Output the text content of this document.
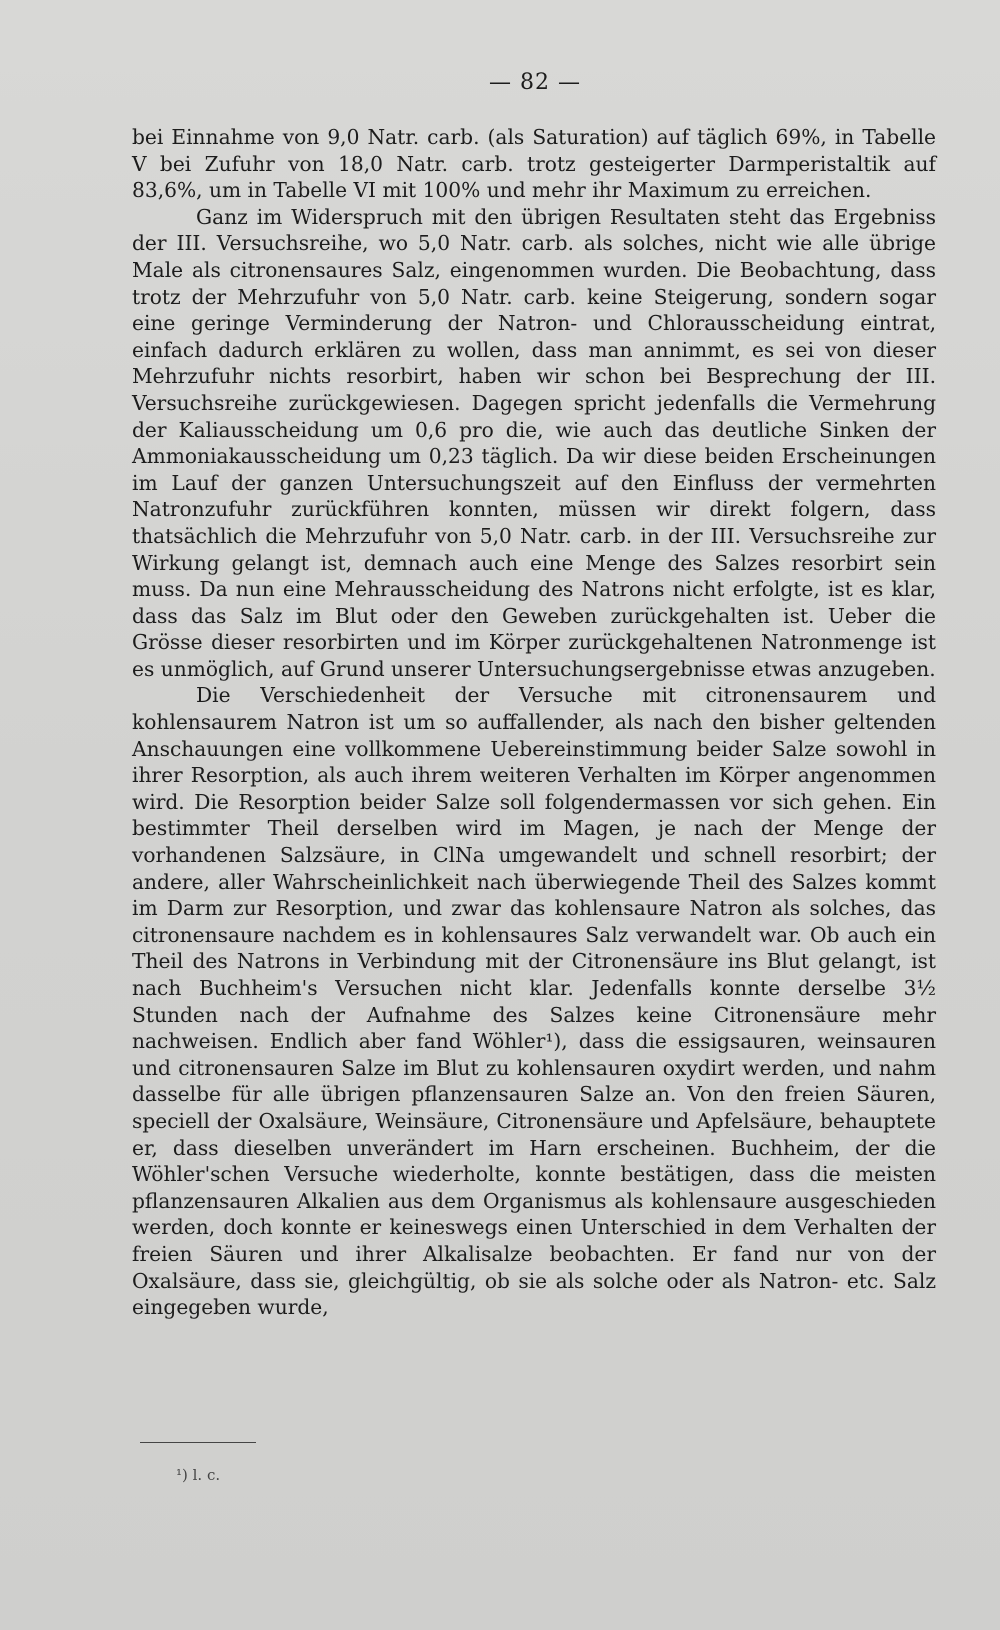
— 82 —

bei Einnahme von 9,0 Natr. carb. (als Saturation) auf täglich 69%, in Tabelle V bei Zufuhr von 18,0 Natr. carb. trotz gesteigerter Darmperistaltik auf 83,6%, um in Tabelle VI mit 100% und mehr ihr Maximum zu erreichen.

Ganz im Widerspruch mit den übrigen Resultaten steht das Ergebniss der III. Versuchsreihe, wo 5,0 Natr. carb. als solches, nicht wie alle übrige Male als citronensaures Salz, eingenommen wurden. Die Beobachtung, dass trotz der Mehrzufuhr von 5,0 Natr. carb. keine Steigerung, sondern sogar eine geringe Verminderung der Natron- und Chlorausscheidung eintrat, einfach dadurch erklären zu wollen, dass man annimmt, es sei von dieser Mehrzufuhr nichts resorbirt, haben wir schon bei Besprechung der III. Versuchsreihe zurückgewiesen. Dagegen spricht jedenfalls die Vermehrung der Kaliausscheidung um 0,6 pro die, wie auch das deutliche Sinken der Ammoniakausscheidung um 0,23 täglich. Da wir diese beiden Erscheinungen im Lauf der ganzen Untersuchungszeit auf den Einfluss der vermehrten Natronzufuhr zurückführen konnten, müssen wir direkt folgern, dass thatsächlich die Mehrzufuhr von 5,0 Natr. carb. in der III. Versuchsreihe zur Wirkung gelangt ist, demnach auch eine Menge des Salzes resorbirt sein muss. Da nun eine Mehrausscheidung des Natrons nicht erfolgte, ist es klar, dass das Salz im Blut oder den Geweben zurückgehalten ist. Ueber die Grösse dieser resorbirten und im Körper zurückgehaltenen Natronmenge ist es unmöglich, auf Grund unserer Untersuchungsergebnisse etwas anzugeben.

Die Verschiedenheit der Versuche mit citronensaurem und kohlensaurem Natron ist um so auffallender, als nach den bisher geltenden Anschauungen eine vollkommene Uebereinstimmung beider Salze sowohl in ihrer Resorption, als auch ihrem weiteren Verhalten im Körper angenommen wird. Die Resorption beider Salze soll folgendermassen vor sich gehen. Ein bestimmter Theil derselben wird im Magen, je nach der Menge der vorhandenen Salzsäure, in ClNa umgewandelt und schnell resorbirt; der andere, aller Wahrscheinlichkeit nach überwiegende Theil des Salzes kommt im Darm zur Resorption, und zwar das kohlensaure Natron als solches, das citronensaure nachdem es in kohlensaures Salz verwandelt war. Ob auch ein Theil des Natrons in Verbindung mit der Citronensäure ins Blut gelangt, ist nach Buchheim's Versuchen nicht klar. Jedenfalls konnte derselbe 3½ Stunden nach der Aufnahme des Salzes keine Citronensäure mehr nachweisen. Endlich aber fand Wöhler¹), dass die essigsauren, weinsauren und citronensauren Salze im Blut zu kohlensauren oxydirt werden, und nahm dasselbe für alle übrigen pflanzensauren Salze an. Von den freien Säuren, speciell der Oxalsäure, Weinsäure, Citronensäure und Apfelsäure, behauptete er, dass dieselben unverändert im Harn erscheinen. Buchheim, der die Wöhler'schen Versuche wiederholte, konnte bestätigen, dass die meisten pflanzensauren Alkalien aus dem Organismus als kohlensaure ausgeschieden werden, doch konnte er keineswegs einen Unterschied in dem Verhalten der freien Säuren und ihrer Alkalisalze beobachten. Er fand nur von der Oxalsäure, dass sie, gleichgültig, ob sie als solche oder als Natron- etc. Salz eingegeben wurde,

¹) l. c.
